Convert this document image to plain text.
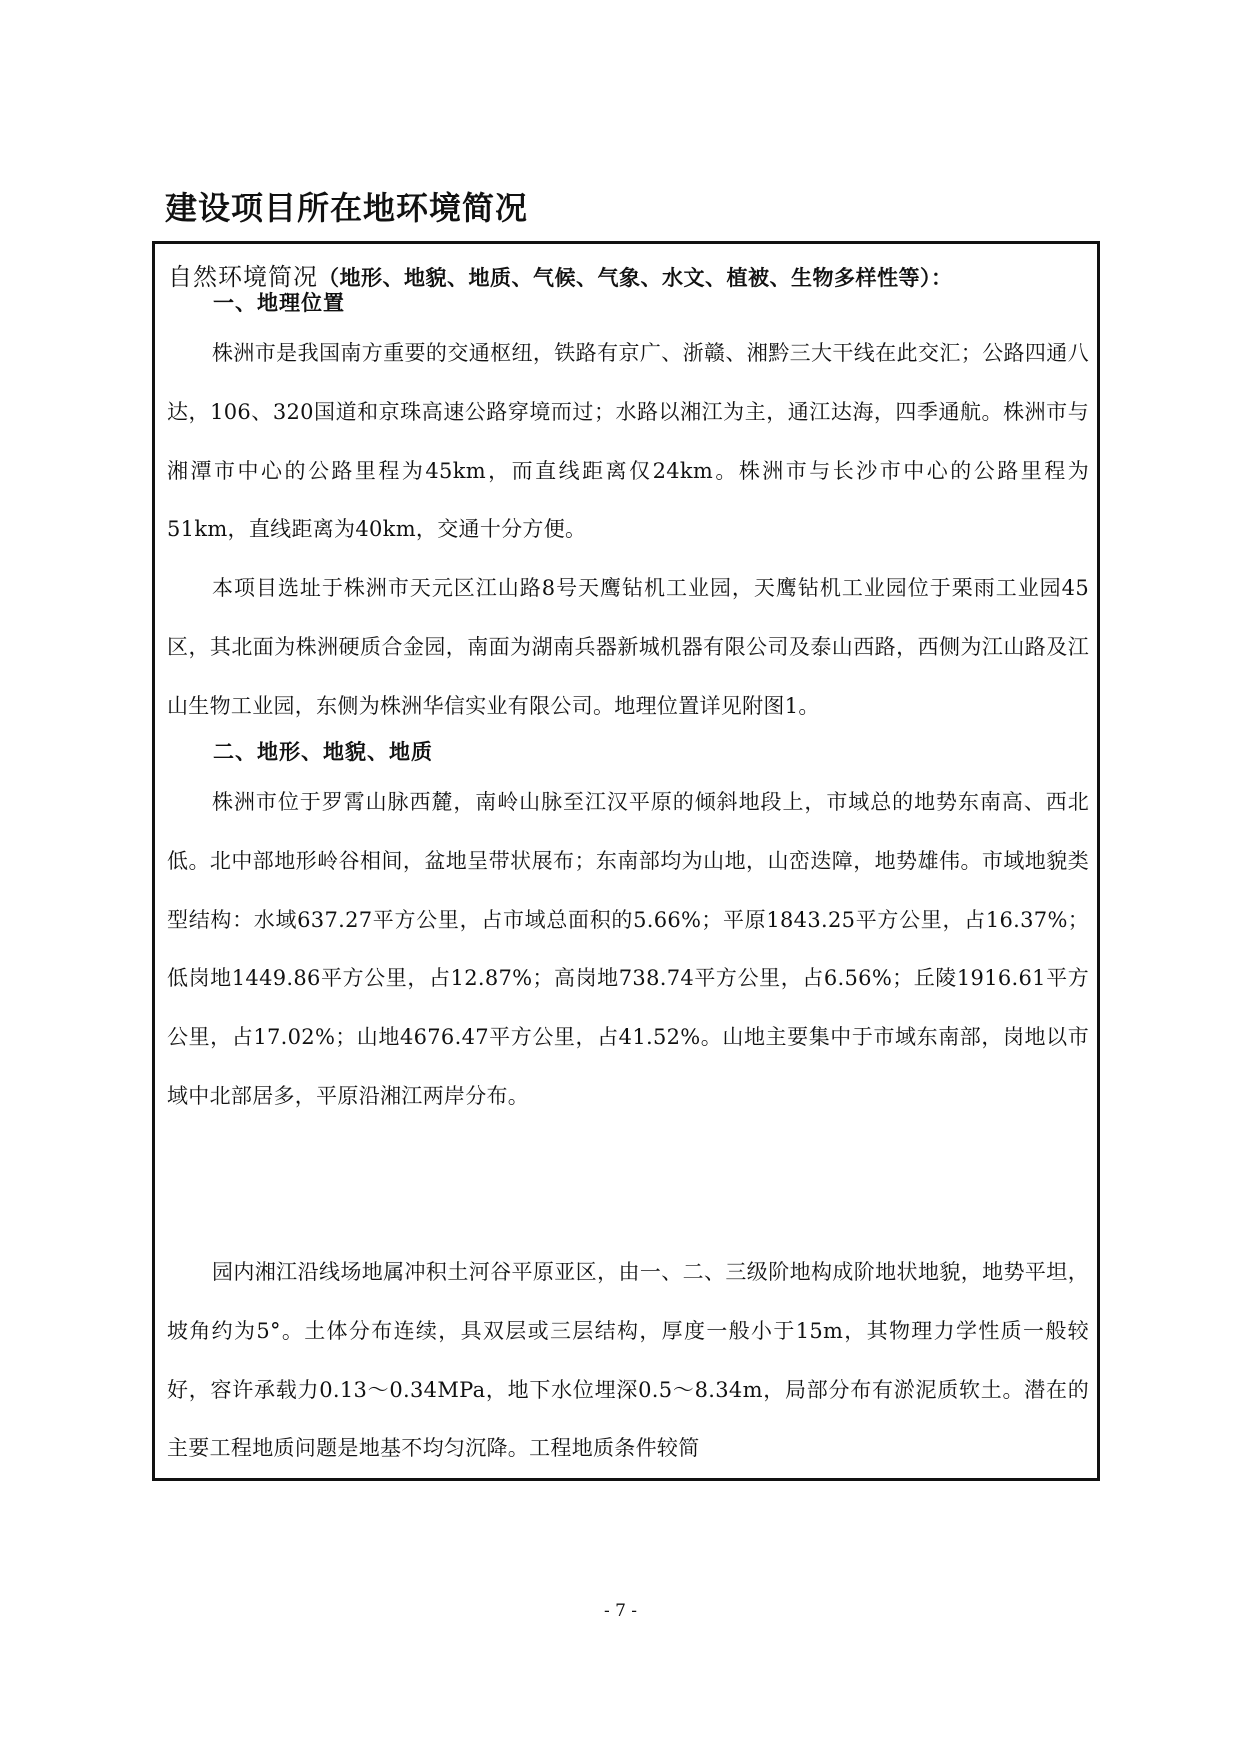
建设项目所在地环境简况
自然环境简况（地形、地貌、地质、气候、气象、水文、植被、生物多样性等）：
一、地理位置

株洲市是我国南方重要的交通枢纽，铁路有京广、浙赣、湘黔三大干线在此交汇；公路四通八达，106、320国道和京珠高速公路穿境而过；水路以湘江为主，通江达海，四季通航。株洲市与湘潭市中心的公路里程为45km，而直线距离仅24km。株洲市与长沙市中心的公路里程为51km，直线距离为40km，交通十分方便。

本项目选址于株洲市天元区江山路8号天鹰钻机工业园，天鹰钻机工业园位于栗雨工业园45区，其北面为株洲硬质合金园，南面为湖南兵器新城机器有限公司及泰山西路，西侧为江山路及江山生物工业园，东侧为株洲华信实业有限公司。地理位置详见附图1。

二、地形、地貌、地质

株洲市位于罗霄山脉西麓，南岭山脉至江汉平原的倾斜地段上，市域总的地势东南高、西北低。北中部地形岭谷相间，盆地呈带状展布；东南部均为山地，山峦迭障，地势雄伟。市域地貌类型结构：水域637.27平方公里，占市域总面积的5.66%；平原1843.25平方公里，占16.37%；低岗地1449.86平方公里，占12.87%；高岗地738.74平方公里，占6.56%；丘陵1916.61平方公里，占17.02%；山地4676.47平方公里，占41.52%。山地主要集中于市域东南部，岗地以市域中北部居多，平原沿湘江两岸分布。

园内湘江沿线场地属冲积土河谷平原亚区，由一、二、三级阶地构成阶地状地貌，地势平坦，坡角约为5°。土体分布连续，具双层或三层结构，厚度一般小于15m，其物理力学性质一般较好，容许承载力0.13～0.34MPa，地下水位埋深0.5～8.34m，局部分布有淤泥质软土。潜在的主要工程地质问题是地基不均匀沉降。工程地质条件较简

- 7 -
